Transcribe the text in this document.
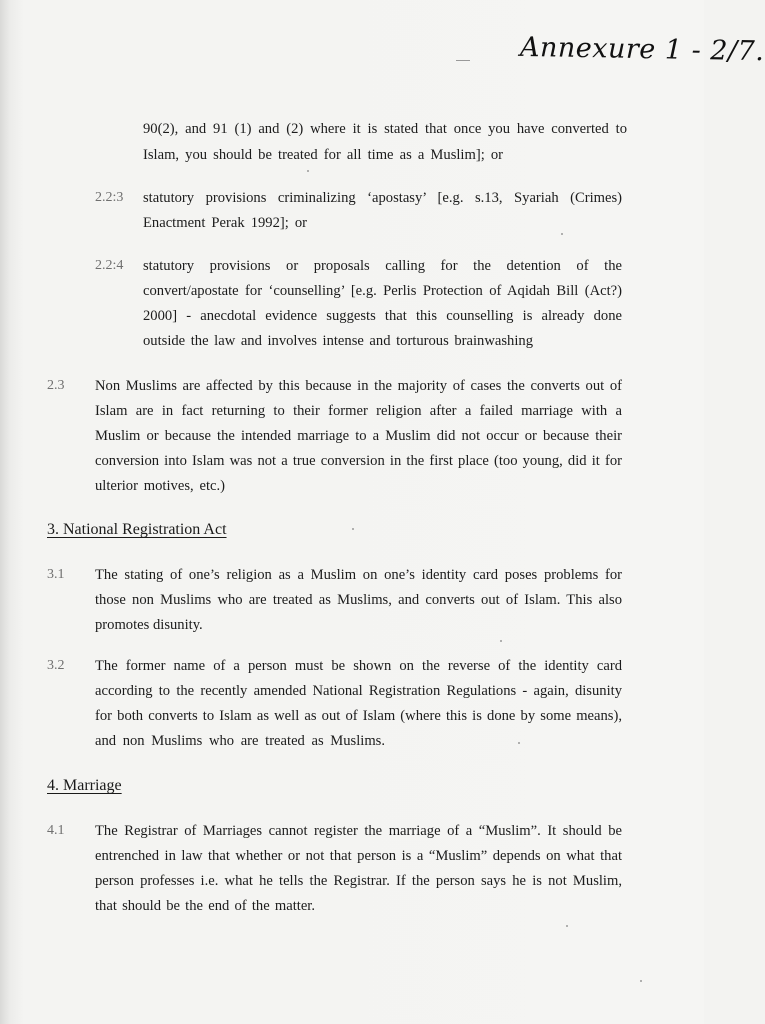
Annexure 1 - 2/7.
90(2), and 91 (1) and (2) where it is stated that once you have converted to
Islam, you should be treated for all time as a Muslim]; or
2.2:3 statutory provisions criminalizing ‘apostasy’ [e.g. s.13, Syariah (Crimes)
Enactment Perak 1992]; or
2.2:4 statutory provisions or proposals calling for the detention of the
convert/apostate for ‘counselling’ [e.g. Perlis Protection of Aqidah Bill (Act?)
2000] - anecdotal evidence suggests that this counselling is already done
outside the law and involves intense and torturous brainwashing
2.3 Non Muslims are affected by this because in the majority of cases the converts out of
Islam are in fact returning to their former religion after a failed marriage with a
Muslim or because the intended marriage to a Muslim did not occur or because their
conversion into Islam was not a true conversion in the first place (too young, did it for
ulterior motives, etc.)
3. National Registration Act
3.1 The stating of one’s religion as a Muslim on one’s identity card poses problems for
those non Muslims who are treated as Muslims, and converts out of Islam. This also
promotes disunity.
3.2 The former name of a person must be shown on the reverse of the identity card
according to the recently amended National Registration Regulations - again, disunity
for both converts to Islam as well as out of Islam (where this is done by some means),
and non Muslims who are treated as Muslims.
4. Marriage
4.1 The Registrar of Marriages cannot register the marriage of a “Muslim”. It should be
entrenched in law that whether or not that person is a “Muslim” depends on what that
person professes i.e. what he tells the Registrar. If the person says he is not Muslim,
that should be the end of the matter.
